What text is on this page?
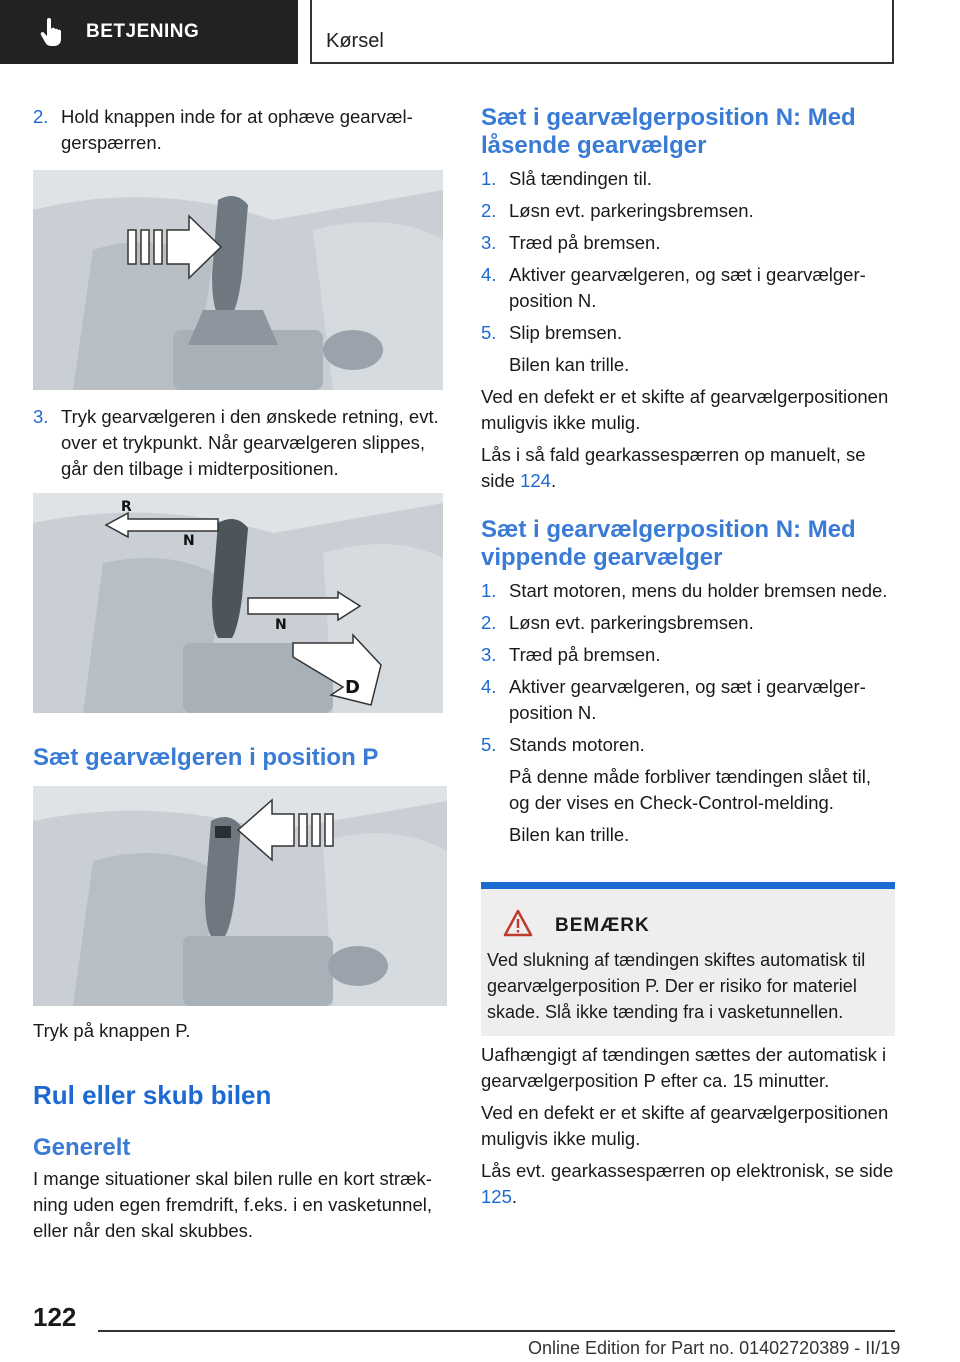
BETJENING	Kørsel
2. Hold knappen inde for at ophæve gearvælgerspærren.

3. Tryk gearvælgeren i den ønskede retning, evt. over et trykpunkt. Når gearvælgeren slippes, går den tilbage i midterpositionen.

R
N
N
D
Sæt gearvælgeren i position P
Tryk på knappen P.
Rul eller skub bilen
Generelt
I mange situationer skal bilen rulle en kort strækning uden egen fremdrift, f.eks. i en vasketunnel, eller når den skal skubbes.
Sæt i gearvælgerposition N: Med låsende gearvælger
1. Slå tændingen til.

2. Løsn evt. parkeringsbremsen.

3. Træd på bremsen.

4. Aktiver gearvælgeren, og sæt i gearvælgerposition N.

5. Slip bremsen.

Bilen kan trille.

Ved en defekt er et skifte af gearvælgerpositionen muligvis ikke mulig.

Lås i så fald gearkassespærren op manuelt, se side 124.

Sæt i gearvælgerposition N: Med vippende gearvælger
1. Start motoren, mens du holder bremsen nede.

2. Løsn evt. parkeringsbremsen.

3. Træd på bremsen.

4. Aktiver gearvælgeren, og sæt i gearvælgerposition N.

5. Stands motoren.

På denne måde forbliver tændingen slået til, og der vises en Check-Control-melding.

Bilen kan trille.

BEMÆRK

Ved slukning af tændingen skiftes automatisk til gearvælgerposition P. Der er risiko for materiel skade. Slå ikke tænding fra i vasketunnellen.

Uafhængigt af tændingen sættes der automatisk i gearvælgerposition P efter ca. 15 minutter.

Ved en defekt er et skifte af gearvælgerpositionen muligvis ikke mulig.

Lås evt. gearkassespærren op elektronisk, se side 125.

122
Online Edition for Part no. 01402720389 - II/19
